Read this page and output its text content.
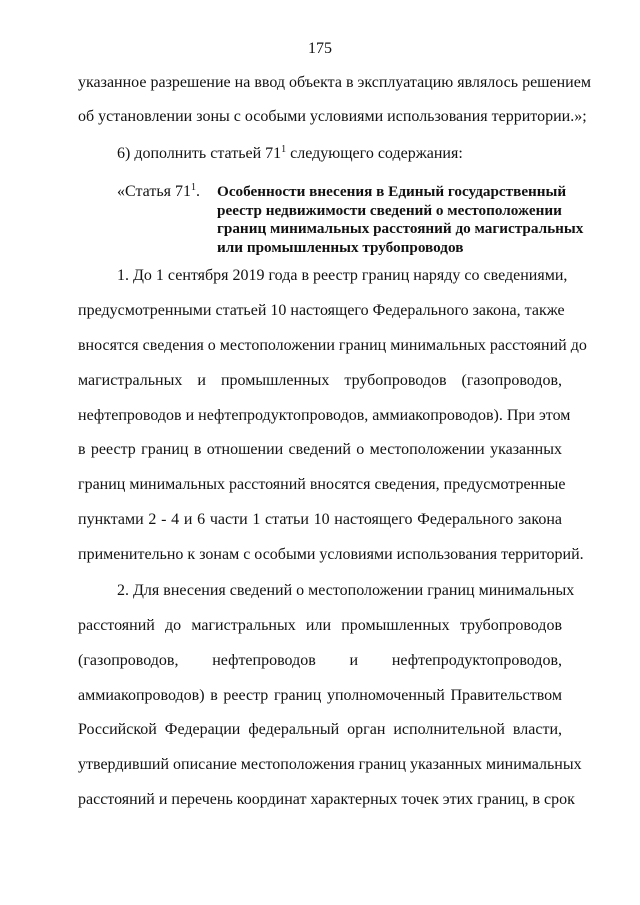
175
указанное разрешение на ввод объекта в эксплуатацию являлось решением
об установлении зоны с особыми условиями использования территории.»;
6) дополнить статьей $71^1$ следующего содержания:
«Статья $71^1$. Особенности внесения в Единый государственный
реестр недвижимости сведений о местоположении
границ минимальных расстояний до магистральных
или промышленных трубопроводов
1. До 1 сентября 2019 года в реестр границ наряду со сведениями,
предусмотренными статьей 10 настоящего Федерального закона, также
вносятся сведения о местоположении границ минимальных расстояний до
магистральных и промышленных трубопроводов (газопроводов,
нефтепроводов и нефтепродуктопроводов, аммиакопроводов). При этом
в реестр границ в отношении сведений о местоположении указанных
границ минимальных расстояний вносятся сведения, предусмотренные
пунктами 2 - 4 и 6 части 1 статьи 10 настоящего Федерального закона
применительно к зонам с особыми условиями использования территорий.
2. Для внесения сведений о местоположении границ минимальных
расстояний до магистральных или промышленных трубопроводов
(газопроводов, нефтепроводов и нефтепродуктопроводов,
аммиакопроводов) в реестр границ уполномоченный Правительством
Российской Федерации федеральный орган исполнительной власти,
утвердивший описание местоположения границ указанных минимальных
расстояний и перечень координат характерных точек этих границ, в срок
